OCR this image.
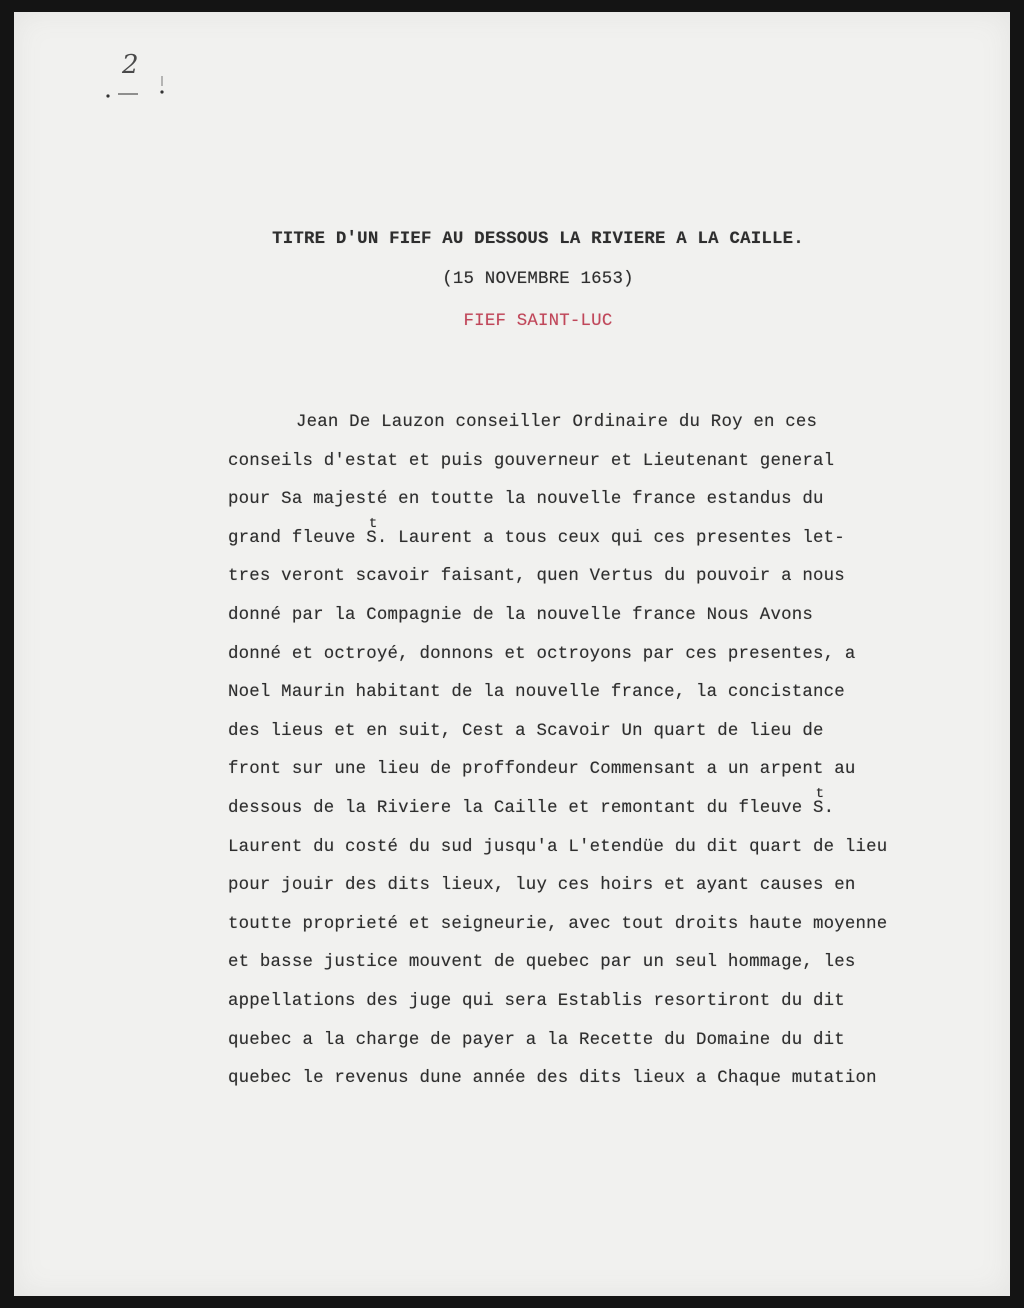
2
TITRE D'UN FIEF AU DESSOUS LA RIVIERE A LA CAILLE.
(15 NOVEMBRE 1653)
FIEF SAINT-LUC
Jean De Lauzon conseiller Ordinaire du Roy en ces
conseils d'estat et puis gouverneur et Lieutenant general
pour Sa majesté en toutte la nouvelle france estandus du
grand fleuve St. Laurent a tous ceux qui ces presentes let-
tres veront scavoir faisant, quen Vertus du pouvoir a nous
donné par la Compagnie de la nouvelle france Nous Avons
donné et octroyé, donnons et octroyons par ces presentes, a
Noel Maurin habitant de la nouvelle france, la concistance
des lieus et en suit, Cest a Scavoir Un quart de lieu de
front sur une lieu de proffondeur Commensant a un arpent au
dessous de la Riviere la Caille et remontant du fleuve St.
Laurent du costé du sud jusqu'a L'etendüe du dit quart de lieu
pour jouir des dits lieux, luy ces hoirs et ayant causes en
toutte proprieté et seigneurie, avec tout droits haute moyenne
et basse justice mouvent de quebec par un seul hommage, les
appellations des juge qui sera Establis resortiront du dit
quebec a la charge de payer a la Recette du Domaine du dit
quebec le revenus dune année des dits lieux a Chaque mutation
